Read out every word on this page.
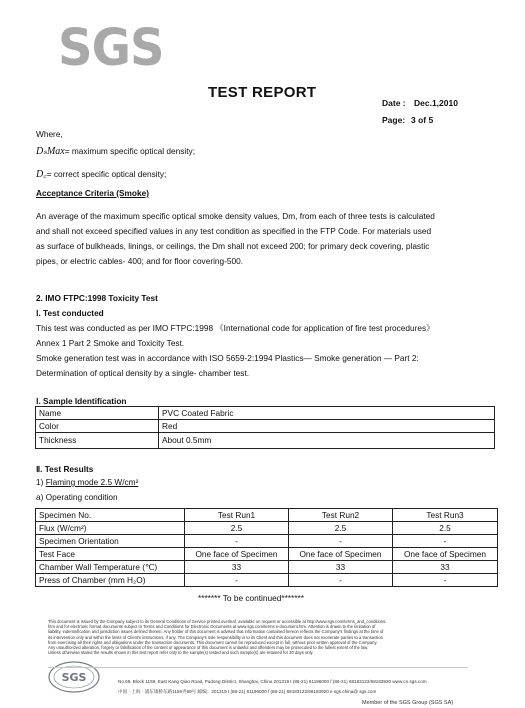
SGS
TEST REPORT
Date : Dec.1,2010
Page: 3 of 5
Where,
DₛMax= maximum specific optical density;
D꜀= correct specific optical density;
Acceptance Criteria (Smoke)
An average of the maximum specific optical smoke density values, Dm, from each of three tests is calculated
and shall not exceed specified values in any test condition as specified in the FTP Code. For materials used
as surface of bulkheads, linings, or ceilings, the Dm shall not exceed 200; for primary deck covering, plastic
pipes, or electric cables- 400; and for floor covering-500.
2. IMO FTPC:1998 Toxicity Test
Ⅰ. Test conducted
This test was conducted as per IMO FTPC:1998 《International code for application of fire test procedures》
Annex 1 Part 2 Smoke and Toxicity Test.
Smoke generation test was in accordance with ISO 5659-2:1994 Plastics— Smoke generation — Part 2:
Determination of optical density by a single- chamber test.
Ⅰ. Sample Identification
Name	PVC Coated Fabric
Color	Red
Thickness	About 0.5mm
Ⅱ. Test Results
1) Flaming mode 2.5 W/cm²
a) Operating condition
Specimen No.	Test Run1	Test Run2	Test Run3
Flux (W/cm²)	2.5	2.5	2.5
Specimen Orientation	-	-	-
Test Face	One face of Specimen	One face of Specimen	One face of Specimen
Chamber Wall Temperature (℃)	33	33	33
Press of Chamber (mm H₂O)	-	-	-
******* To be continued*******
This document is issued by the Company subject to its General Conditions of Service printed overleaf, available on request or accessible at http://www.sgs.com/terms_and_conditions.
htm and for electronic format documents subject to Terms and Conditions for Electronic Documents at www.sgs.com/terms e-document.htm. Attention is drawn to the limitation of
liability, indemnification and jurisdiction issues defined therein. Any holder of this document is advised that information contained hereon reflects the Company's findings at the time of
its intervention only and within the limits of Client's instructions, if any. The Company's sole responsibility is to its Client and this document does not exonerate parties to a transaction
from exercising all their rights and obligations under the transaction documents. This document cannot be reproduced except in full, without prior written approval of the Company.
Any unauthorized alteration, forgery or falsification of the content or appearance of this document is unlawful and offenders may be prosecuted to the fullest extent of the law.
Unless otherwise stated the results shown in this test report refer only to the sample(s) tested and such sample(s) are retained for 30 days only.
SGS	No.69, Block 1159, East Kang Qiao Road, Pudong District, Shanghai, China 201319 t (86-21) 61196000 f (86-21) 68183122/68183920 www.cn.sgs.com
中国 · 上海 · 浦东康桥东路1159弄69号 邮编：201319 t (86-21) 61196000 f (86-21) 68183122/68183920 e sgs.china@ sgs.com
Member of the SGS Group (SGS SA)
